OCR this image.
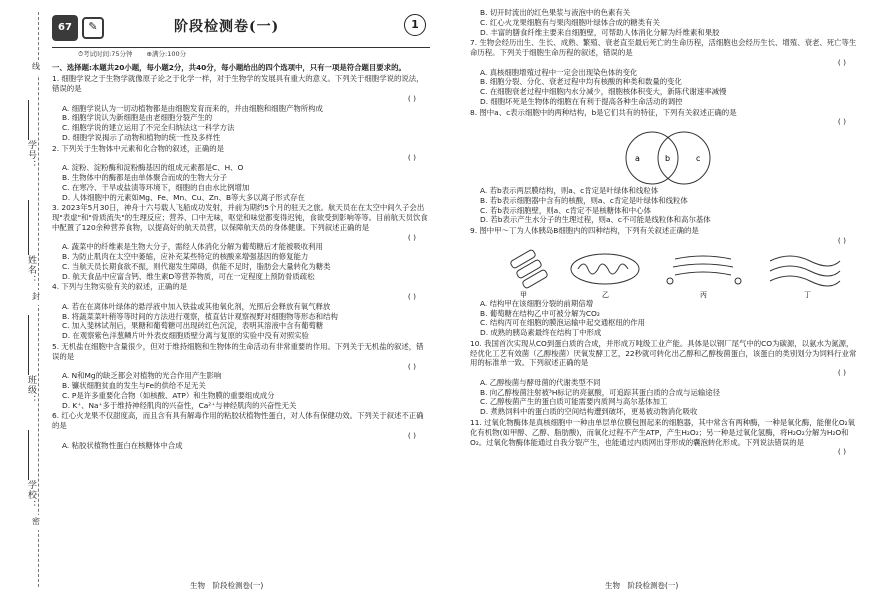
学号：
姓名：
班级：
学校：
线
封
密
67	✎	阶段检测卷(一)	1
⏱考试时间:75分钟 ⊕满分:100分
一、选择题:本题共20小题，每小题2分，共40分，每小题给出的四个选项中，只有一项是符合题目要求的。
1. 细胞学说之于生物学就像原子论之于化学一样，对于生物学的发展具有重大的意义。下列关于细胞学说的说法，错误的是
( )
A. 细胞学说认为一切动植物都是由细胞发育而来的，并由细胞和细胞产物所构成
B. 细胞学说认为新细胞是由老细胞分裂产生的
C. 细胞学说的建立运用了不完全归纳法这一科学方法
D. 细胞学说揭示了动物和植物的统一性及多样性
2. 下列关于生物体中元素和化合物的叙述，正确的是
( )
A. 淀粉、淀粉酶和淀粉酶基因的组成元素都是C、H、O
B. 生物体中的酶都是由单体聚合而成的生物大分子
C. 在寒冷、干旱或盐渍等环境下，细胞的自由水比例增加
D. 人体细胞中的元素如Mg、Fe、Mn、Cu、Zn、B等大多以离子形式存在
3. 2023年5月30日，神舟十六号载人飞船成功发射，并前为期约5个月的驻天之旅。航天员在在太空中间久子会出现"表虚"和"骨质流失"的生理反应；营养、口中无味，呕觉和味觉都变得迟钝，食欲受到影响等等。目前航天员饮食中配置了120余种营养食物，以提高好的航天员营，以保障航天员的身体健康。下列叙述正确的是
( )
A. 蔬菜中的纤维素是生物大分子，需经人体消化分解为葡萄糖后才能被吸收利用
B. 为防止肌肉在太空中萎缩，应补充某些特定的核酸来增强基因的修复能力
C. 当航天员长期食欲不振，则代谢发生障碍，供能不足时，脂肪会大量转化为糖类
D. 航天食品中应富含钙、维生素D等营养物质，可在一定程度上预防骨质疏松
4. 下列与生物实验有关的叙述，正确的是
( )
A. 若在在离体叶绿体的悬浮液中加入铁盐或其他氧化剂，光照后会释放有氧气释放
B. 将蔬菜菜叶稍等等时间的方法进行观察，植直估计观察视野对细胞物等形态和结构
C. 加入斐林试剂后，果糖和葡萄糖可出现砖红色沉淀，表明其溶液中含有葡萄糖
D. 在观察紫色洋葱鳞片叶外表皮细胞质壁分离与复原的实验中没有对照实验
5. 无机盐在细胞中含量很少，但对于维持细胞和生物体的生命活动有非常重要的作用。下列关于无机盐的叙述，错误的是
( )
A. N和Mg的缺乏都会对植物的光合作用产生影响
B. 镰状细胞贫血的发生与Fe的供给不足无关
C. P是许多重要化合物（如核酸、ATP）和生物膜的重要组成成分
D. K⁺、Na⁺多于维持神经肌肉的兴奋性，Ca²⁺与神经肌肉的兴奋性无关
6. 红心火龙果不仅甜度高，而且含有具有解毒作用的粘胶状植物性蛋白，对人体有保健功效。下列关于叙述不正确的是
( )
A. 粘胶状植物性蛋白在核糖体中合成
B. 切开时流出的红色果浆与液泡中的色素有关
C. 红心火龙果细胞有与果肉细胞叶绿体合成的糖类有关
D. 丰富的膳食纤维主要来自细胞壁，可帮助人体消化分解为纤维素和果胶
7. 生物会经历出生、生长、成熟、繁殖、衰老直至最后死亡的生命历程，活细胞也会经历生长、增殖、衰老、死亡等生命历程。下列关于细胞生命历程的叙述，错误的是
( )
A. 真核细胞增殖过程中一定会出现染色体的变化
B. 细胞分裂、分化、衰老过程中均有核酸的种类和数量的变化
C. 在细胞衰老过程中细胞内水分减少，细胞核体积变大，新陈代谢速率减慢
D. 细胞坏死是生物体的细胞在有利于提高各种生命活动的调控
8. 图中a、c表示细胞中的两种结构，b是它们共有的特征，下列有关叙述正确的是
( )
a	b	c
A. 若b表示两层膜结构，则a、c肯定是叶绿体和线粒体
B. 若b表示细胞器中含有的核酸，则a、c肯定是叶绿体和线粒体
C. 若b表示细胞壁，则a、c肯定不是核糖体和中心体
D. 若b表示产生水分子的生理过程，则a、c不可能是线粒体和高尔基体
9. 图中甲～丁为人体胰岛B细胞内的四种结构，下列有关叙述正确的是
( )
甲	乙	丙	丁
A. 结构甲在该细胞分裂的前期倍增
B. 葡萄糖在结构乙中可被分解为CO₂
C. 结构丙可在细胞的膜泡运输中起交通枢纽的作用
D. 成熟的胰岛素最终在结构丁中形成
10. 我国首次实现从CO到蛋白质的合成，并形成万吨级工业产能。具体是以钢厂尾气中的CO为碳源，以氨水为氮源，经优化工艺有效菌（乙醇梭菌）厌氧发酵工艺，22秒就可转化出乙醇和乙醇梭菌蛋白，该蛋白的类别划分为饲料行业常用的标准单一致。下列叙述正确的是
( )
A. 乙醇梭菌与酵母菌的代谢类型不同
B. 向乙醇梭菌注射被³H标记的亮氨酸，可追踪其蛋白质的合成与运输途径
C. 乙醇梭菌产生的蛋白质可能需要内质网与高尔基体加工
D. 煮熟饲料中的蛋白质的空间结构遭到破坏，更易被动物消化吸收
11. 过氧化物酶体是真核细胞中一种由单层单位膜包围起来的细胞器，其中常含有两种酶，一种是氧化酶，能催化O₂氧化有机物(如甲醇、乙醇、脂肪酸)，而氧化过程不产生ATP，产生H₂O₂；另一种是过氧化氢酶，将H₂O₂分解为H₂O和O₂。过氧化物酶体能通过自我分裂产生，也能通过内质网出芽形成的囊泡转化形成。下列说法错误的是
( )
生物　阶段检测卷(一)	生物　阶段检测卷(一)
